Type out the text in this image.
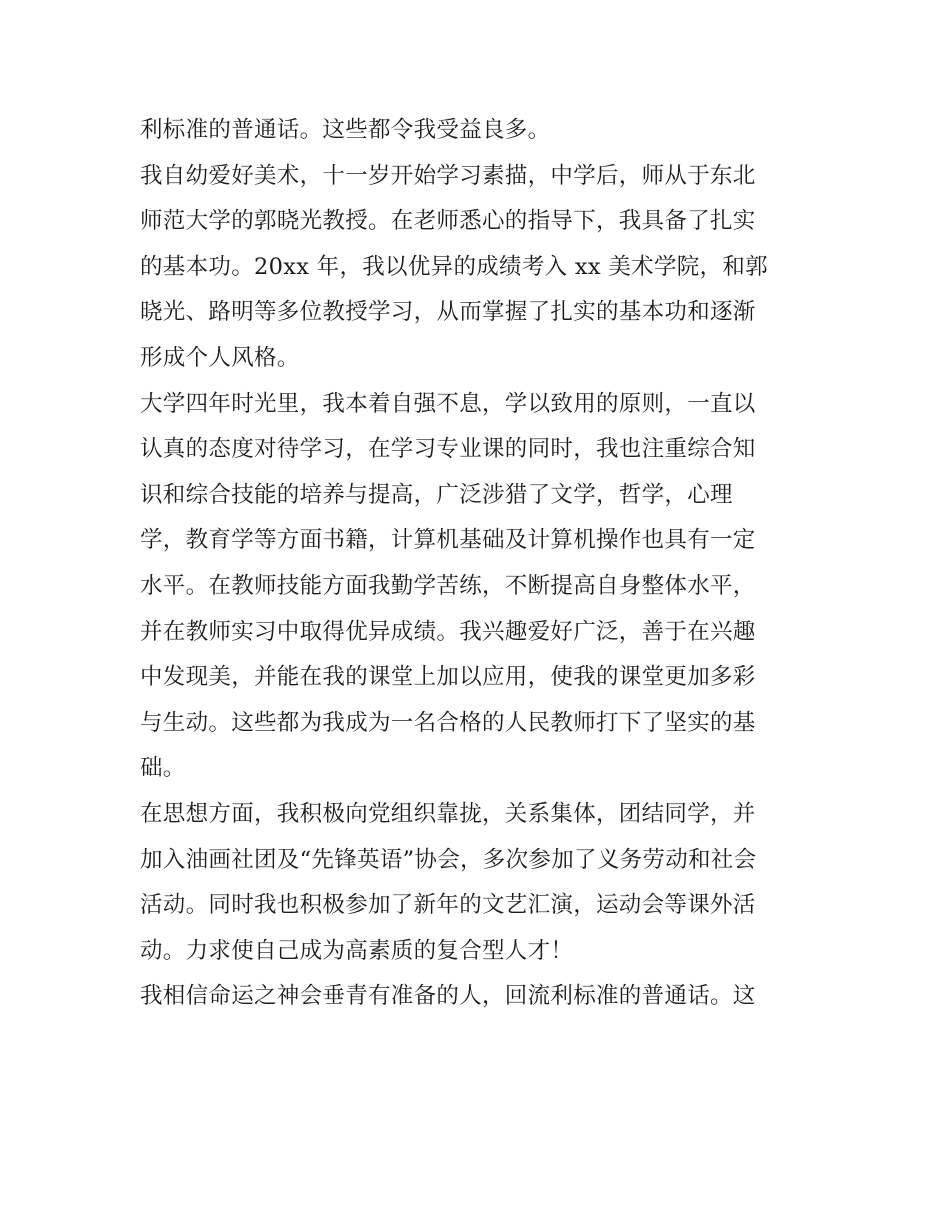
利标准的普通话。这些都令我受益良多。
我自幼爱好美术，十一岁开始学习素描，中学后，师从于东北
师范大学的郭晓光教授。在老师悉心的指导下，我具备了扎实
的基本功。20xx 年，我以优异的成绩考入 xx 美术学院，和郭
晓光、路明等多位教授学习，从而掌握了扎实的基本功和逐渐
形成个人风格。
大学四年时光里，我本着自强不息，学以致用的原则，一直以
认真的态度对待学习，在学习专业课的同时，我也注重综合知
识和综合技能的培养与提高，广泛涉猎了文学，哲学，心理
学，教育学等方面书籍，计算机基础及计算机操作也具有一定
水平。在教师技能方面我勤学苦练，不断提高自身整体水平，
并在教师实习中取得优异成绩。我兴趣爱好广泛，善于在兴趣
中发现美，并能在我的课堂上加以应用，使我的课堂更加多彩
与生动。这些都为我成为一名合格的人民教师打下了坚实的基
础。
在思想方面，我积极向党组织靠拢，关系集体，团结同学，并
加入油画社团及“先锋英语”协会，多次参加了义务劳动和社会
活动。同时我也积极参加了新年的文艺汇演，运动会等课外活
动。力求使自己成为高素质的复合型人才！
我相信命运之神会垂青有准备的人，回流利标准的普通话。这
